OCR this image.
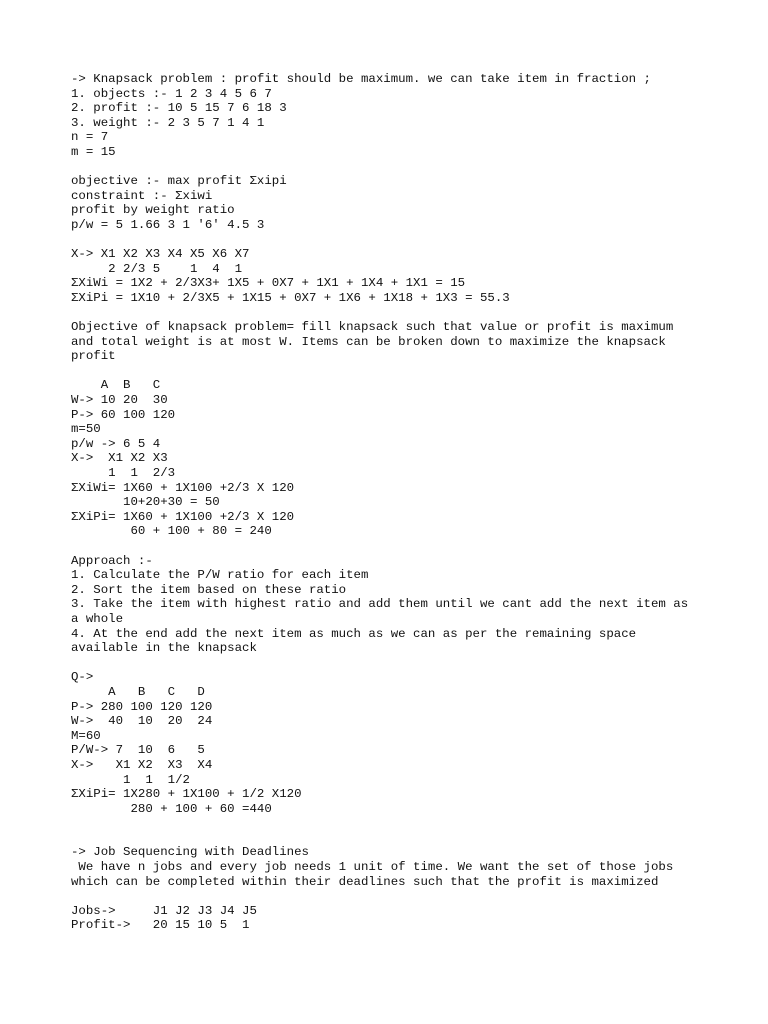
-> Knapsack problem : profit should be maximum. we can take item in fraction ;
1. objects :- 1 2 3 4 5 6 7
2. profit :- 10 5 15 7 6 18 3
3. weight :- 2 3 5 7 1 4 1
n = 7
m = 15
objective :- max profit Σxipi
constraint :- Σxiwi
profit by weight ratio
p/w = 5 1.66 3 1 '6' 4.5 3
X-> X1 X2 X3 X4 X5 X6 X7
2 2/3 5    1  4  1
ΣXiWi = 1X2 + 2/3X3+ 1X5 + 0X7 + 1X1 + 1X4 + 1X1 = 15
ΣXiPi = 1X10 + 2/3X5 + 1X15 + 0X7 + 1X6 + 1X18 + 1X3 = 55.3
Objective of knapsack problem= fill knapsack such that value or profit is maximum
and total weight is at most W. Items can be broken down to maximize the knapsack
profit
A  B   C
W-> 10 20  30
P-> 60 100 120
m=50
p/w -> 6 5 4
X->  X1 X2 X3
1  1  2/3
ΣXiWi= 1X60 + 1X100 +2/3 X 120
10+20+30 = 50
ΣXiPi= 1X60 + 1X100 +2/3 X 120
60 + 100 + 80 = 240
Approach :-
1. Calculate the P/W ratio for each item
2. Sort the item based on these ratio
3. Take the item with highest ratio and add them until we cant add the next item as
a whole
4. At the end add the next item as much as we can as per the remaining space
available in the knapsack
Q->
A   B   C   D
P-> 280 100 120 120
W->  40  10  20  24
M=60
P/W-> 7  10  6   5
X->   X1 X2  X3  X4
1  1  1/2
ΣXiPi= 1X280 + 1X100 + 1/2 X120
280 + 100 + 60 =440
-> Job Sequencing with Deadlines
We have n jobs and every job needs 1 unit of time. We want the set of those jobs
which can be completed within their deadlines such that the profit is maximized
Jobs->     J1 J2 J3 J4 J5
Profit->   20 15 10 5  1
